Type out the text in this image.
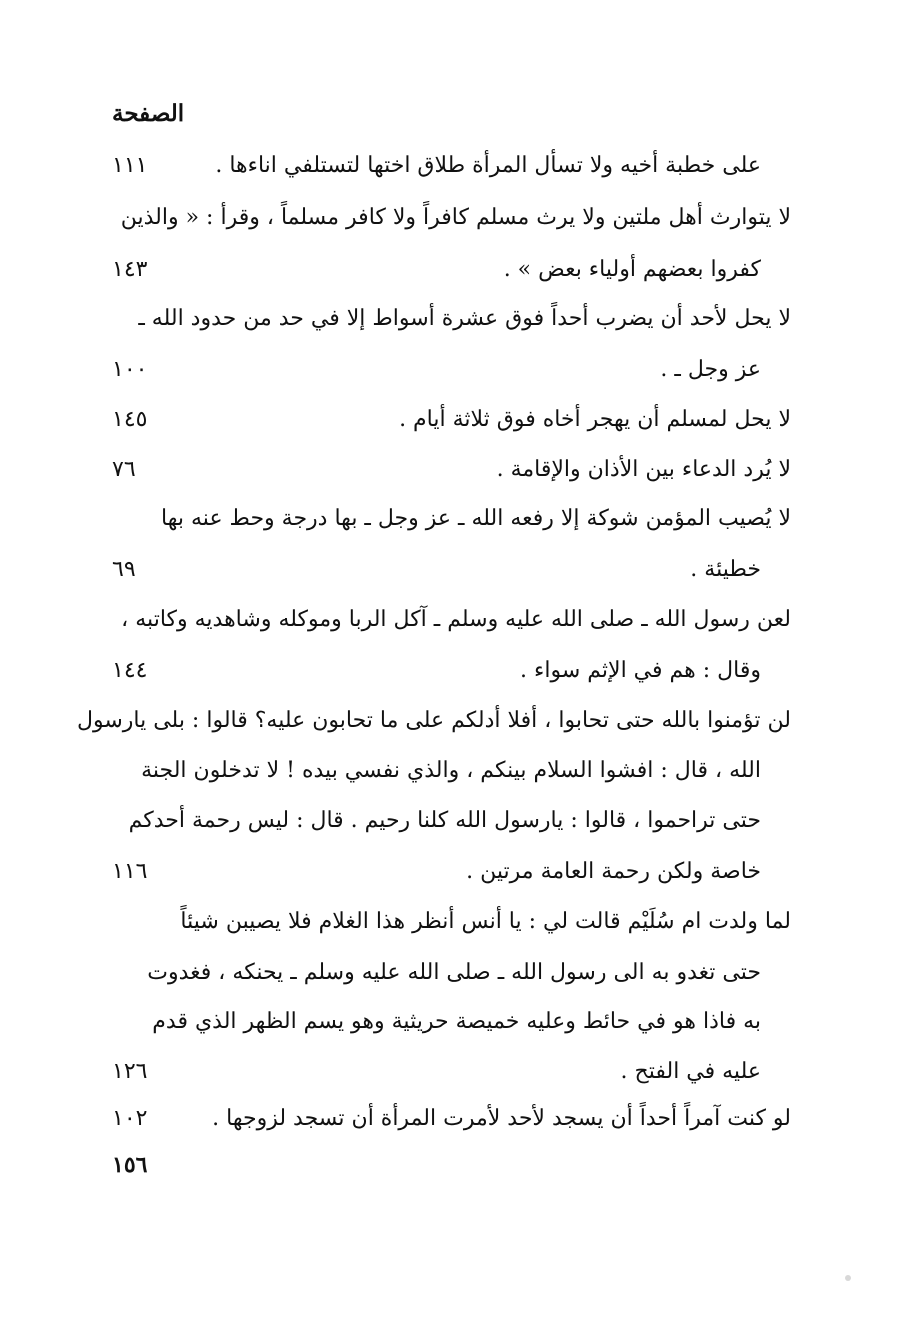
الصفحة
على خطبة أخيه ولا تسأل المرأة طلاق اختها لتستلفي اناءها .
١١١
لا يتوارث أهل ملتين ولا يرث مسلم كافراً ولا كافر مسلماً ، وقرأ : « والذين
كفروا بعضهم أولياء بعض » .
١٤٣
لا يحل لأحد أن يضرب أحداً فوق عشرة أسواط إلا في حد من حدود الله ـ
عز وجل ـ .
١٠٠
لا يحل لمسلم أن يهجر أخاه فوق ثلاثة أيام .
١٤٥
لا يُرد الدعاء بين الأذان والإقامة .
٧٦
لا يُصيب المؤمن شوكة إلا رفعه الله ـ عز وجل ـ بها درجة وحط عنه بها
خطيئة .
٦٩
لعن رسول الله ـ صلى الله عليه وسلم ـ آكل الربا وموكله وشاهديه وكاتبه ،
وقال : هم في الإثم سواء .
١٤٤
لن تؤمنوا بالله حتى تحابوا ، أفلا أدلكم على ما تحابون عليه؟ قالوا : بلى يارسول
الله ، قال : افشوا السلام بينكم ، والذي نفسي بيده ! لا تدخلون الجنة
حتى تراحموا ، قالوا : يارسول الله كلنا رحيم . قال : ليس رحمة أحدكم
خاصة ولكن رحمة العامة مرتين .
١١٦
لما ولدت ام سُلَيْم قالت لي : يا أنس أنظر هذا الغلام فلا يصيبن شيئاً
حتى تغدو به الى رسول الله ـ صلى الله عليه وسلم ـ يحنكه ، فغدوت
به فاذا هو في حائط وعليه خميصة حريثية وهو يسم الظهر الذي قدم
عليه في الفتح .
١٢٦
لو كنت آمراً أحداً أن يسجد لأحد لأمرت المرأة أن تسجد لزوجها .
١٠٢
١٥٦
